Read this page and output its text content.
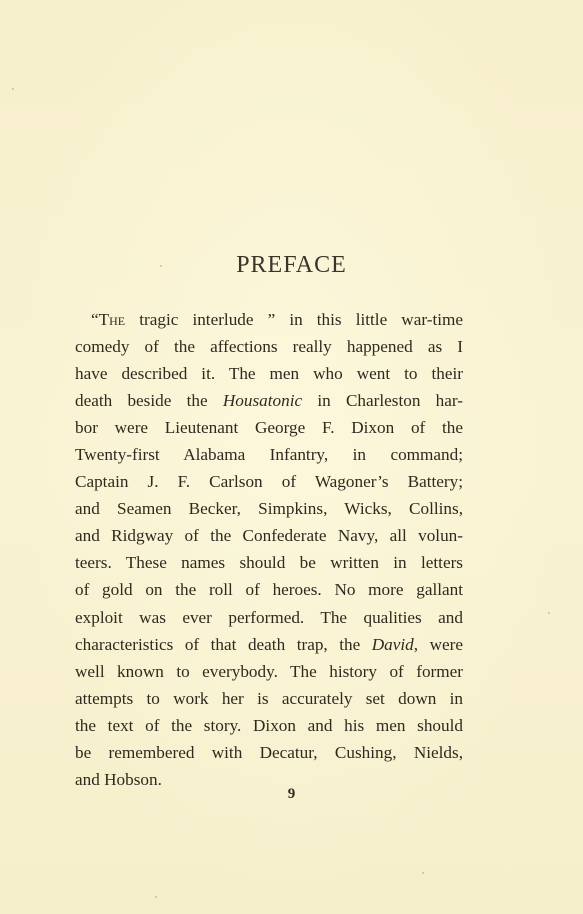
PREFACE
“The tragic interlude ” in this little war-time
comedy of the affections really happened as I
have described it. The men who went to their
death beside the Housatonic in Charleston har-
bor were Lieutenant George F. Dixon of the
Twenty-first Alabama Infantry, in command;
Captain J. F. Carlson of Wagoner’s Battery;
and Seamen Becker, Simpkins, Wicks, Collins,
and Ridgway of the Confederate Navy, all volun-
teers. These names should be written in letters
of gold on the roll of heroes. No more gallant
exploit was ever performed. The qualities and
characteristics of that death trap, the David, were
well known to everybody. The history of former
attempts to work her is accurately set down in
the text of the story. Dixon and his men should
be remembered with Decatur, Cushing, Nields,
and Hobson.
9
